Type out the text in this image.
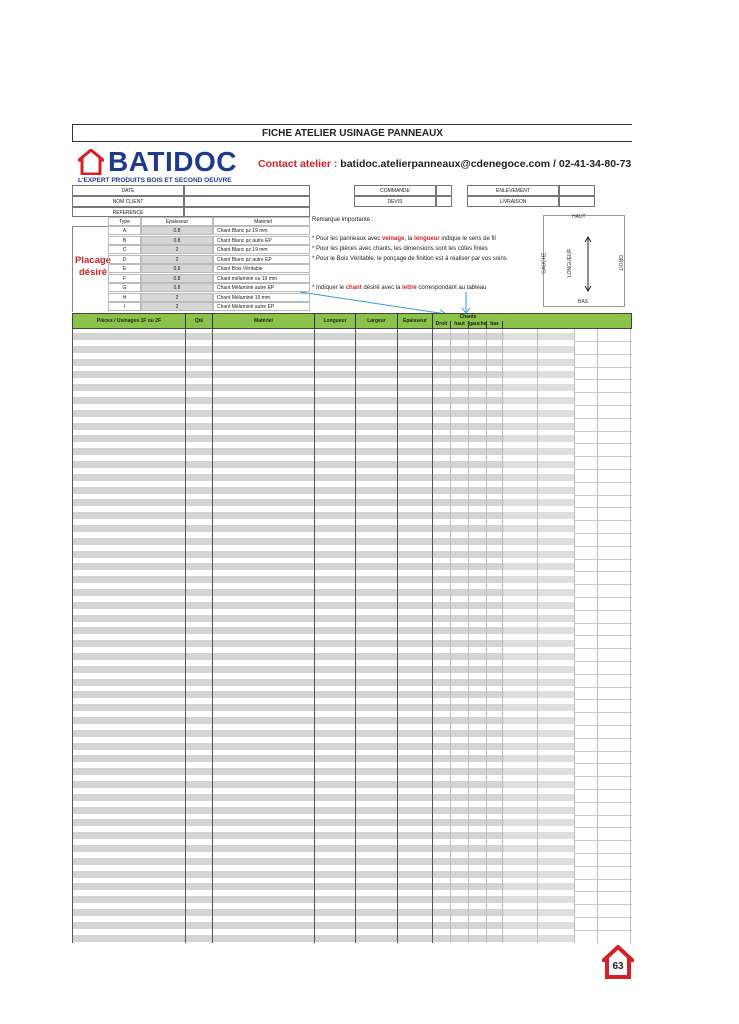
FICHE ATELIER USINAGE PANNEAUX
BATIDOC
L'EXPERT PRODUITS BOIS ET SECOND OEUVRE
Contact atelier : batidoc.atelierpanneaux@cdenegoce.com / 02-41-34-80-73
DATE
NOM CLIENT
REFERENCE
COMMANDE
DEVIS
ENLEVEMENT
LIVRAISON
Placage
désiré
Type	Epaisseur	Matériel
A	0.8	Chant Blanc pz 19 mm
B	0.8	Chant Blanc pz autre EP
C	2	Chant Blanc pz 19 mm
D	2	Chant Blanc pz autre EP
E	0.6	Chant Bois Véritable
F	0.8	Chant mélaminé ou 19 mm
G	0.8	Chant Mélaminé autre EP
H	2	Chant Mélaminé 19 mm
I	2	Chant Mélaminé autre EP
Remarque importante :
* Pour les panneaux avec veinage, la longueur indique le sens de fil
* Pour les pièces avec chants, les dimensions sont les côtes finies
* Pour le Bois Véritable, le ponçage de finition est à réaliser par vos soins
* Indiquer le chant désiré avec la lettre correspondant au tableau
HAUT
BAS
GAUCHE	DROIT
LONGUEUR
Pièces / Usinages 1F ou 2F	Qté	Matériel	Longueur	Largeur	Epaisseur
Chants
Droit	haut gauche bas
63
